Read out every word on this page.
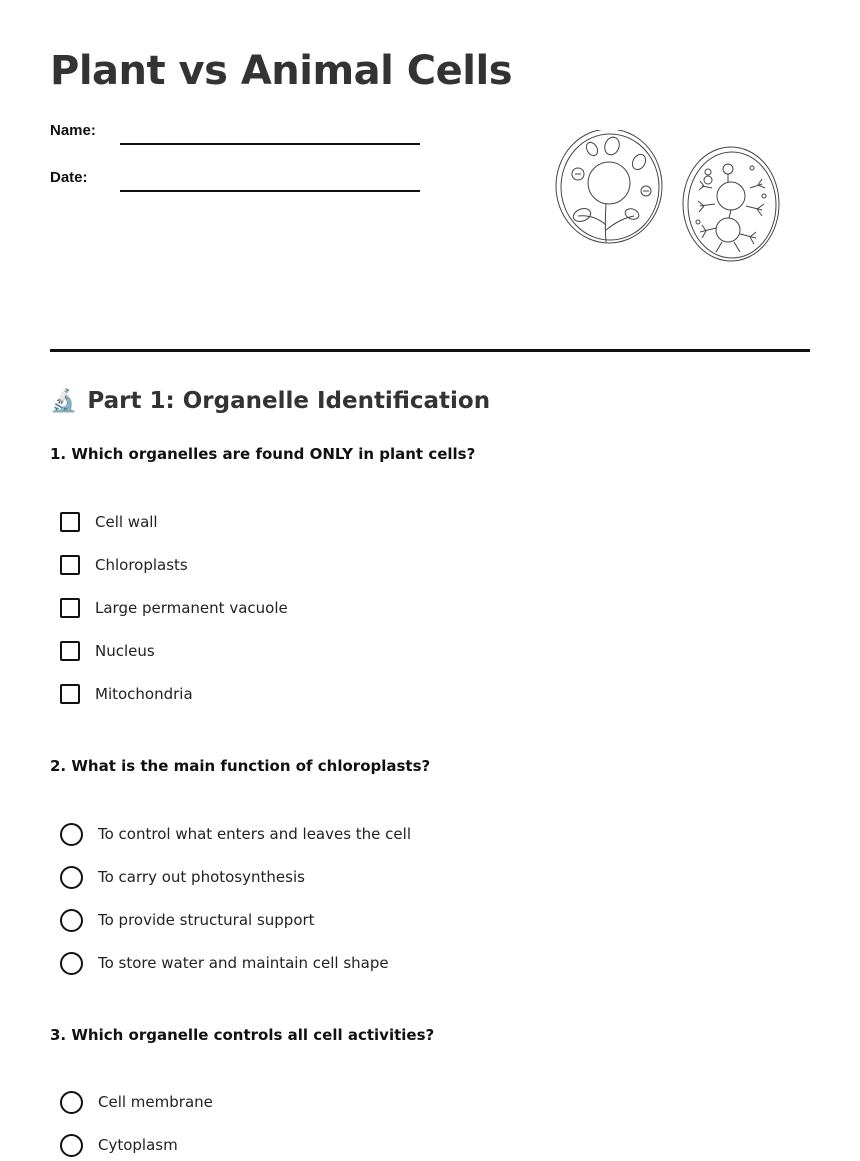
Plant vs Animal Cells
Name:
Date:
🔬 Part 1: Organelle Identification
1. Which organelles are found ONLY in plant cells?
Cell wall
Chloroplasts
Large permanent vacuole
Nucleus
Mitochondria
2. What is the main function of chloroplasts?
To control what enters and leaves the cell
To carry out photosynthesis
To provide structural support
To store water and maintain cell shape
3. Which organelle controls all cell activities?
Cell membrane
Cytoplasm
